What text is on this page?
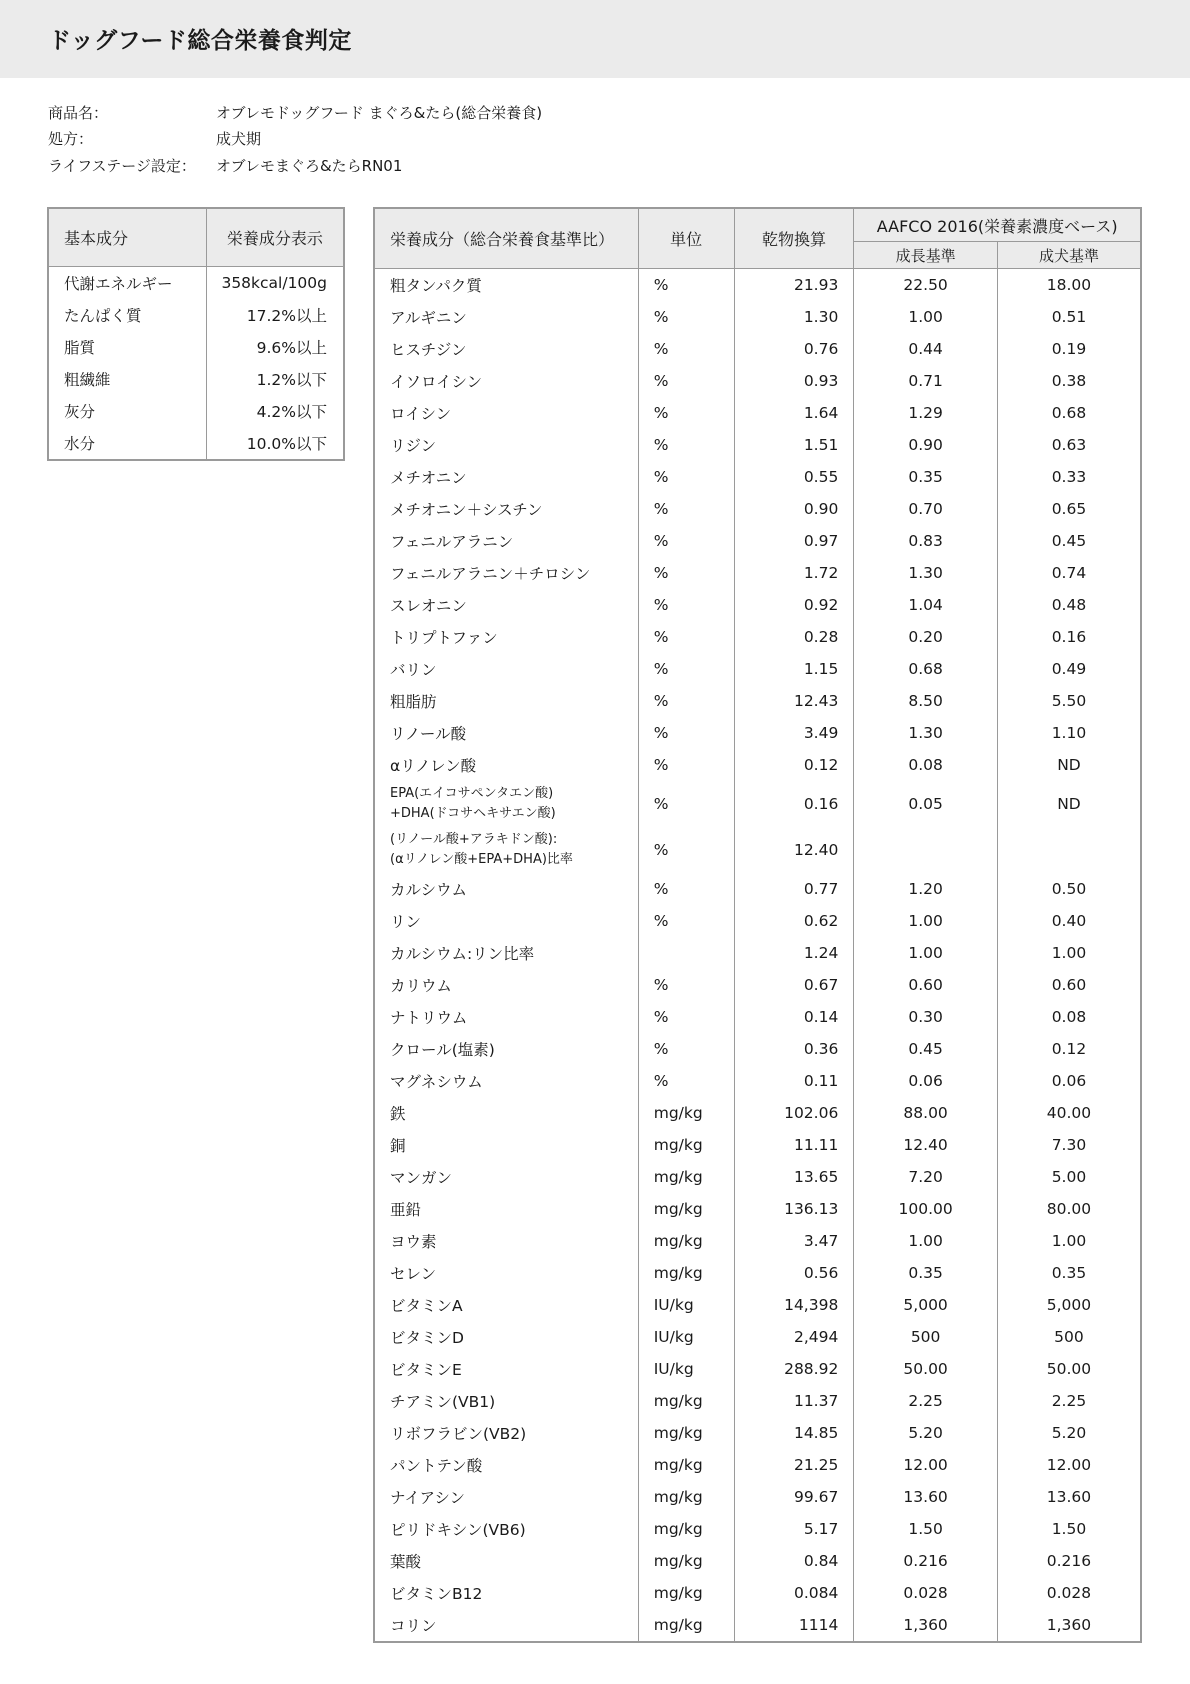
ドッグフード総合栄養食判定
商品名：	オブレモドッグフード まぐろ&たら(総合栄養食)
処方：	成犬期
ライフステージ設定：	オブレモまぐろ&たらRN01
基本成分	栄養成分表示
代謝エネルギー	358kcal/100g
たんぱく質	17.2%以上
脂質	9.6%以上
粗繊維	1.2%以下
灰分	4.2%以下
水分	10.0%以下
栄養成分（総合栄養食基準比）	単位	乾物換算	AAFCO 2016(栄養素濃度ベース)	
			成長基準	成犬基準
粗タンパク質	%	21.93	22.50	18.00
アルギニン	%	1.30	1.00	0.51
ヒスチジン	%	0.76	0.44	0.19
イソロイシン	%	0.93	0.71	0.38
ロイシン	%	1.64	1.29	0.68
リジン	%	1.51	0.90	0.63
メチオニン	%	0.55	0.35	0.33
メチオニン＋シスチン	%	0.90	0.70	0.65
フェニルアラニン	%	0.97	0.83	0.45
フェニルアラニン＋チロシン	%	1.72	1.30	0.74
スレオニン	%	0.92	1.04	0.48
トリプトファン	%	0.28	0.20	0.16
バリン	%	1.15	0.68	0.49
粗脂肪	%	12.43	8.50	5.50
リノール酸	%	3.49	1.30	1.10
αリノレン酸	%	0.12	0.08	ND

EPA(エイコサペンタエン酸)
+DHA(ドコサヘキサエン酸)	%	0.16	0.05	ND

(リノール酸+アラキドン酸):
(αリノレン酸+EPA+DHA)比率	%	12.40		
カルシウム	%	0.77	1.20	0.50
リン	%	0.62	1.00	0.40
カルシウム:リン比率		1.24	1.00	1.00
カリウム	%	0.67	0.60	0.60
ナトリウム	%	0.14	0.30	0.08
クロール(塩素)	%	0.36	0.45	0.12
マグネシウム	%	0.11	0.06	0.06
鉄	mg/kg	102.06	88.00	40.00
銅	mg/kg	11.11	12.40	7.30
マンガン	mg/kg	13.65	7.20	5.00
亜鉛	mg/kg	136.13	100.00	80.00
ヨウ素	mg/kg	3.47	1.00	1.00
セレン	mg/kg	0.56	0.35	0.35
ビタミンA	IU/kg	14,398	5,000	5,000
ビタミンD	IU/kg	2,494	500	500
ビタミンE	IU/kg	288.92	50.00	50.00
チアミン(VB1)	mg/kg	11.37	2.25	2.25
リボフラビン(VB2)	mg/kg	14.85	5.20	5.20
パントテン酸	mg/kg	21.25	12.00	12.00
ナイアシン	mg/kg	99.67	13.60	13.60
ピリドキシン(VB6)	mg/kg	5.17	1.50	1.50
葉酸	mg/kg	0.84	0.216	0.216
ビタミンB12	mg/kg	0.084	0.028	0.028
コリン	mg/kg	1114	1,360	1,360
